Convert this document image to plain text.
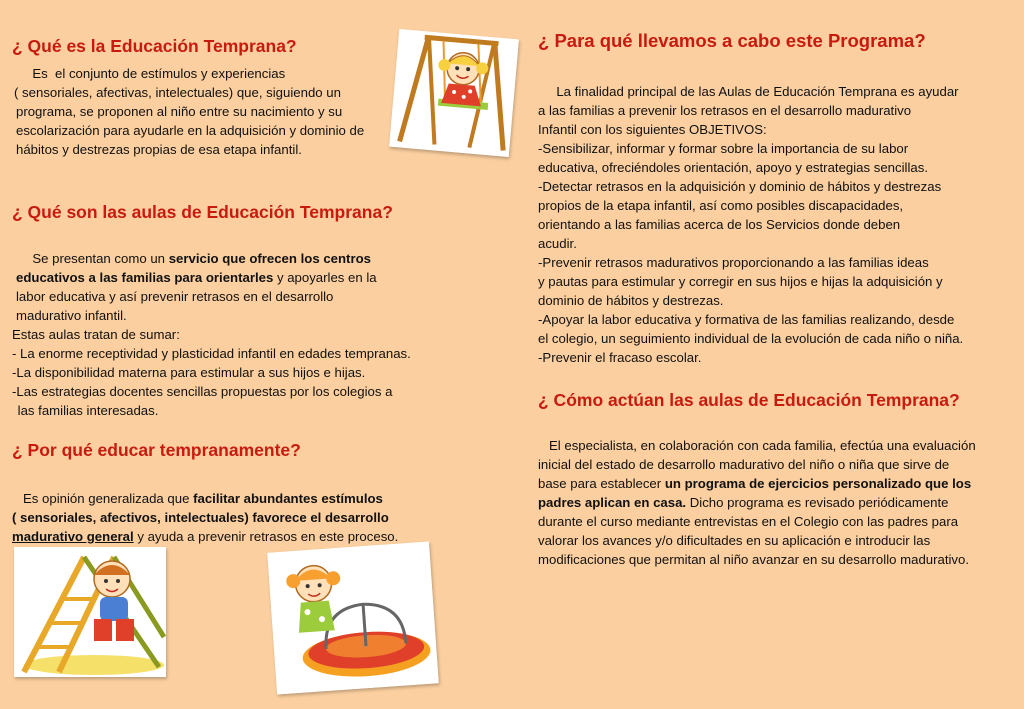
¿ Qué es la Educación Temprana?
Es  el conjunto de estímulos y experiencias
( sensoriales, afectivas, intelectuales) que, siguiendo un
programa, se proponen al niño entre su nacimiento y su
escolarización para ayudarle en la adquisición y dominio de
hábitos y destrezas propias de esa etapa infantil.
¿ Qué son las aulas de Educación Temprana?
Se presentan como un servicio que ofrecen los centros
educativos a las familias para orientarles y apoyarles en la
labor educativa y así prevenir retrasos en el desarrollo
madurativo infantil.
Estas aulas tratan de sumar:
- La enorme receptividad y plasticidad infantil en edades tempranas.
-La disponibilidad materna para estimular a sus hijos e hijas.
-Las estrategias docentes sencillas propuestas por los colegios a
las familias interesadas.
¿ Por qué educar tempranamente?
Es opinión generalizada que facilitar abundantes estímulos
( sensoriales, afectivos, intelectuales) favorece el desarrollo
madurativo general y ayuda a prevenir retrasos en este proceso.
¿ Para qué llevamos a cabo este Programa?
La finalidad principal de las Aulas de Educación Temprana es ayudar
a las familias a prevenir los retrasos en el desarrollo madurativo
Infantil con los siguientes OBJETIVOS:
-Sensibilizar, informar y formar sobre la importancia de su labor
educativa, ofreciéndoles orientación, apoyo y estrategias sencillas.
-Detectar retrasos en la adquisición y dominio de hábitos y destrezas
propios de la etapa infantil, así como posibles discapacidades,
orientando a las familias acerca de los Servicios donde deben
acudir.
-Prevenir retrasos madurativos proporcionando a las familias ideas
y pautas para estimular y corregir en sus hijos e hijas la adquisición y
dominio de hábitos y destrezas.
-Apoyar la labor educativa y formativa de las familias realizando, desde
el colegio, un seguimiento individual de la evolución de cada niño o niña.
-Prevenir el fracaso escolar.
¿ Cómo actúan las aulas de Educación Temprana?
El especialista, en colaboración con cada familia, efectúa una evaluación
inicial del estado de desarrollo madurativo del niño o niña que sirve de
base para establecer un programa de ejercicios personalizado que los
padres aplican en casa. Dicho programa es revisado periódicamente
durante el curso mediante entrevistas en el Colegio con las padres para
valorar los avances y/o dificultades en su aplicación e introducir las
modificaciones que permitan al niño avanzar en su desarrollo madurativo.
